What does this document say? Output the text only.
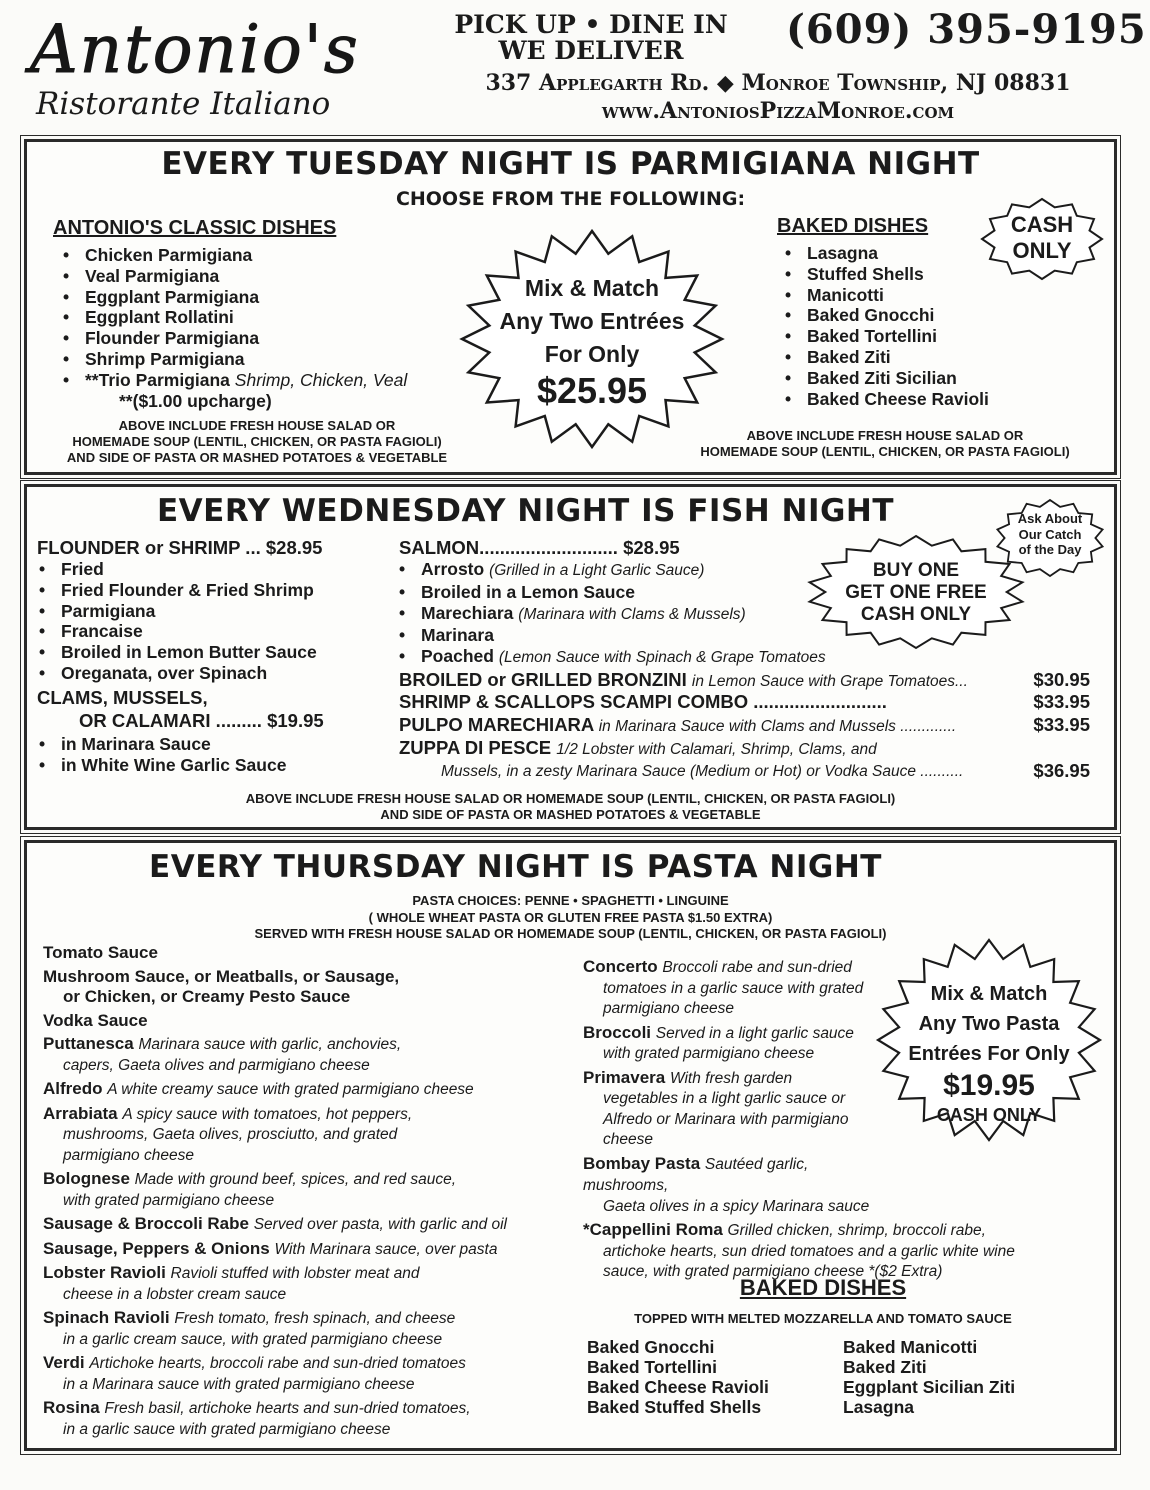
Antonio's
Ristorante Italiano
PICK UP • DINE IN
WE DELIVER	(609) 395-9195
337 Applegarth Rd. ◆ Monroe Township, NJ 08831
www.AntoniosPizzaMonroe.com
EVERY TUESDAY NIGHT IS PARMIGIANA NIGHT
CHOOSE FROM THE FOLLOWING:
ANTONIO'S CLASSIC DISHES
• Chicken Parmigiana
• Veal Parmigiana
• Eggplant Parmigiana
• Eggplant Rollatini
• Flounder Parmigiana
• Shrimp Parmigiana
• **Trio Parmigiana Shrimp, Chicken, Veal
**($1.00 upcharge)
ABOVE INCLUDE FRESH HOUSE SALAD OR
HOMEMADE SOUP (LENTIL, CHICKEN, OR PASTA FAGIOLI)
AND SIDE OF PASTA OR MASHED POTATOES & VEGETABLE
Mix & Match
Any Two Entrées
For Only
$25.95
BAKED DISHES
• Lasagna
• Stuffed Shells
• Manicotti
• Baked Gnocchi
• Baked Tortellini
• Baked Ziti
• Baked Ziti Sicilian
• Baked Cheese Ravioli
ABOVE INCLUDE FRESH HOUSE SALAD OR
HOMEMADE SOUP (LENTIL, CHICKEN, OR PASTA FAGIOLI)
CASH
ONLY
EVERY WEDNESDAY NIGHT IS FISH NIGHT
FLOUNDER or SHRIMP ... $28.95
• Fried
• Fried Flounder & Fried Shrimp
• Parmigiana
• Francaise
• Broiled in Lemon Butter Sauce
• Oreganata, over Spinach
CLAMS, MUSSELS,
OR CALAMARI ......... $19.95
• in Marinara Sauce
• in White Wine Garlic Sauce
SALMON........................... $28.95
• Arrosto (Grilled in a Light Garlic Sauce)
• Broiled in a Lemon Sauce
• Marechiara (Marinara with Clams & Mussels)
• Marinara
• Poached (Lemon Sauce with Spinach & Grape Tomatoes
BROILED or GRILLED BRONZINI in Lemon Sauce with Grape Tomatoes...	$30.95
SHRIMP & SCALLOPS SCAMPI COMBO ..........................	$33.95
PULPO MARECHIARA in Marinara Sauce with Clams and Mussels .............	$33.95
ZUPPA DI PESCE 1/2 Lobster with Calamari, Shrimp, Clams, and
Mussels, in a zesty Marinara Sauce (Medium or Hot) or Vodka Sauce ..........	$36.95
ABOVE INCLUDE FRESH HOUSE SALAD OR HOMEMADE SOUP (LENTIL, CHICKEN, OR PASTA FAGIOLI)
AND SIDE OF PASTA OR MASHED POTATOES & VEGETABLE
BUY ONE
GET ONE FREE
CASH ONLY
Ask About
Our Catch
of the Day
EVERY THURSDAY NIGHT IS PASTA NIGHT
PASTA CHOICES: PENNE • SPAGHETTI • LINGUINE
( WHOLE WHEAT PASTA OR GLUTEN FREE PASTA $1.50 EXTRA)
SERVED WITH FRESH HOUSE SALAD OR HOMEMADE SOUP (LENTIL, CHICKEN, OR PASTA FAGIOLI)
Tomato Sauce
Mushroom Sauce, or Meatballs, or Sausage,
or Chicken, or Creamy Pesto Sauce
Vodka Sauce
Puttanesca Marinara sauce with garlic, anchovies,
capers, Gaeta olives and parmigiano cheese
Alfredo A white creamy sauce with grated parmigiano cheese
Arrabiata A spicy sauce with tomatoes, hot peppers,
mushrooms, Gaeta olives, prosciutto, and grated parmigiano cheese
Bolognese Made with ground beef, spices, and red sauce,
with grated parmigiano cheese
Sausage & Broccoli Rabe Served over pasta, with garlic and oil
Sausage, Peppers & Onions With Marinara sauce, over pasta
Lobster Ravioli Ravioli stuffed with lobster meat and
cheese in a lobster cream sauce
Spinach Ravioli Fresh tomato, fresh spinach, and cheese
in a garlic cream sauce, with grated parmigiano cheese
Verdi Artichoke hearts, broccoli rabe and sun-dried tomatoes
in a Marinara sauce with grated parmigiano cheese
Rosina Fresh basil, artichoke hearts and sun-dried tomatoes,
in a garlic sauce with grated parmigiano cheese
Concerto Broccoli rabe and sun-dried
tomatoes in a garlic sauce with grated parmigiano cheese
Broccoli Served in a light garlic sauce
with grated parmigiano cheese
Primavera With fresh garden
vegetables in a light garlic sauce or Alfredo or Marinara with parmigiano cheese
Bombay Pasta Sautéed garlic, mushrooms,
Gaeta olives in a spicy Marinara sauce
*Cappellini Roma Grilled chicken, shrimp, broccoli rabe,
artichoke hearts, sun dried tomatoes and a garlic white wine sauce, with grated parmigiano cheese *($2 Extra)
Mix & Match
Any Two Pasta
Entrées For Only
$19.95
CASH ONLY
BAKED DISHES
TOPPED WITH MELTED MOZZARELLA AND TOMATO SAUCE
Baked Gnocchi
Baked Tortellini
Baked Cheese Ravioli
Baked Stuffed Shells
Baked Manicotti
Baked Ziti
Eggplant Sicilian Ziti
Lasagna
